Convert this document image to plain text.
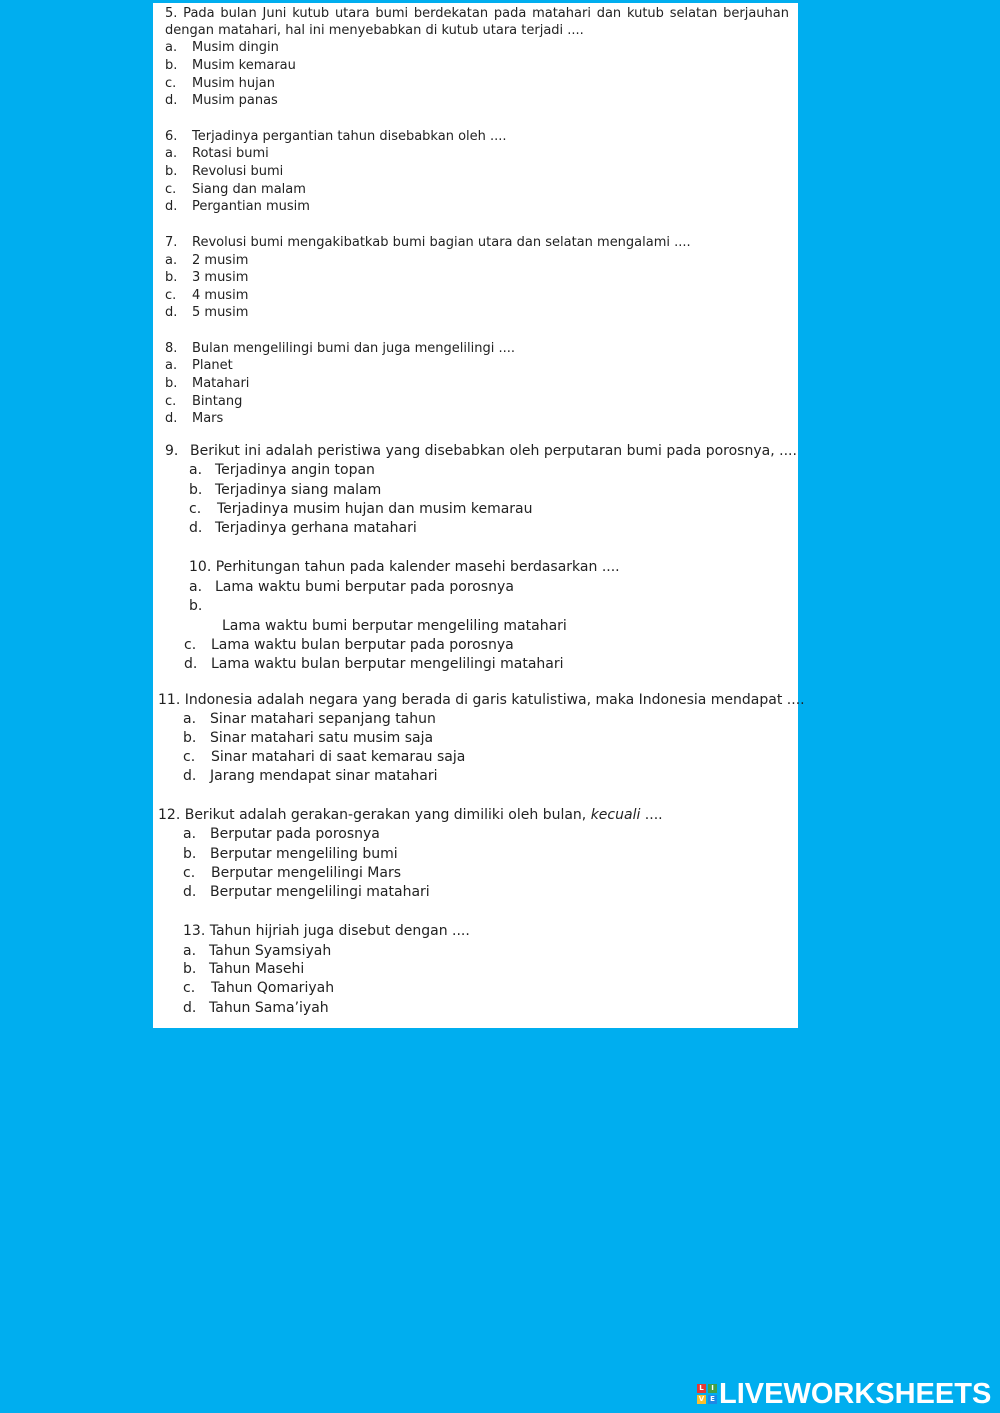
5. Pada bulan Juni kutub utara bumi berdekatan pada matahari dan kutub selatan berjauhan dengan matahari, hal ini menyebabkan di kutub utara terjadi ....
a. Musim dingin
b. Musim kemarau
c. Musim hujan
d. Musim panas
6. Terjadinya pergantian tahun disebabkan oleh ....
a. Rotasi bumi
b. Revolusi bumi
c. Siang dan malam
d. Pergantian musim
7. Revolusi bumi mengakibatkab bumi bagian utara dan selatan mengalami ....
a. 2 musim
b. 3 musim
c. 4 musim
d. 5 musim
8. Bulan mengelilingi bumi dan juga mengelilingi ....
a. Planet
b. Matahari
c. Bintang
d. Mars
9. Berikut ini adalah peristiwa yang disebabkan oleh perputaran bumi pada porosnya, ....
a. Terjadinya angin topan
b. Terjadinya siang malam
c. Terjadinya musim hujan dan musim kemarau
d. Terjadinya gerhana matahari
10. Perhitungan tahun pada kalender masehi berdasarkan ....
a. Lama waktu bumi berputar pada porosnya
b.
Lama waktu bumi berputar mengeliling matahari
c. Lama waktu bulan berputar pada porosnya
d. Lama waktu bulan berputar mengelilingi matahari
11. Indonesia adalah negara yang berada di garis katulistiwa, maka Indonesia mendapat ....
a. Sinar matahari sepanjang tahun
b. Sinar matahari satu musim saja
c. Sinar matahari di saat kemarau saja
d. Jarang mendapat sinar matahari
12. Berikut adalah gerakan-gerakan yang dimiliki oleh bulan, kecuali ....
a. Berputar pada porosnya
b. Berputar mengeliling bumi
c. Berputar mengelilingi Mars
d. Berputar mengelilingi matahari
13. Tahun hijriah juga disebut dengan ....
a. Tahun Syamsiyah
b. Tahun Masehi
c. Tahun Qomariyah
d. Tahun Sama’iyah
L	I
V E LIVEWORKSHEETS
